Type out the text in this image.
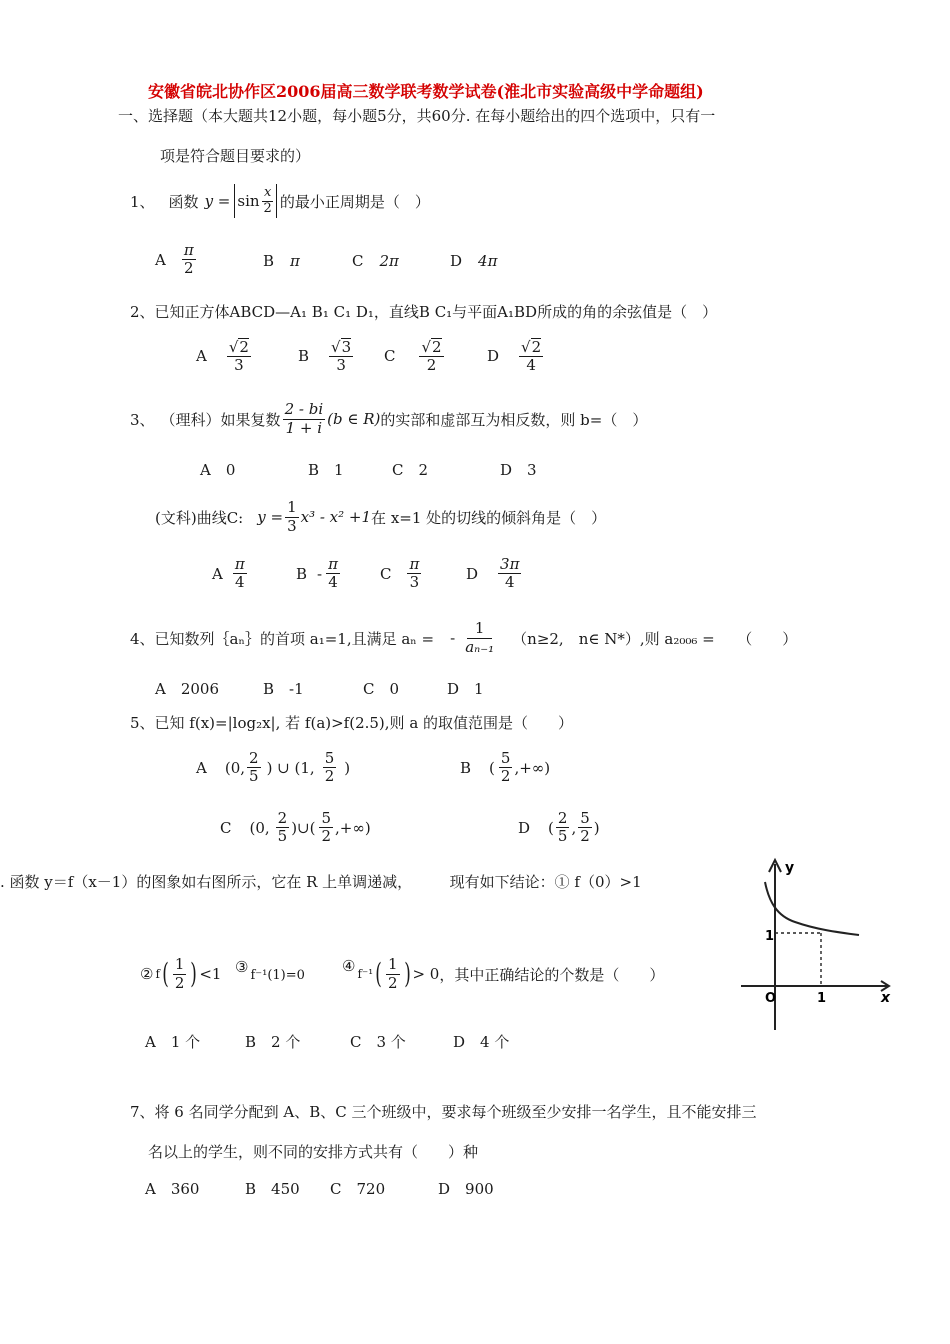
安徽省皖北协作区2006届高三数学联考数学试卷(淮北市实验高级中学命题组)
一、选择题（本大题共12小题，每小题5分，共60分. 在每小题给出的四个选项中，只有一
项是符合题目要求的）
1、 函数 $y = \sin \frac{x}{2}$ 的最小正周期是（　）
A $\frac{\pi}{2}$	B π	C 2π	D 4π
2、已知正方体ABCD—A₁ B₁ C₁ D₁，直线B C₁与平面A₁BD所成的角的余弦值是（　）
A $\frac{√2}{3}$	B $\frac{√3}{3}$ C $\frac{√2}{2}$	D $\frac{√2}{4}$
3、 （理科）如果复数 $\frac{2 - bi}{1 + i} (b$ ∈ R) 的实部和虚部互为相反数，则 b=（　）
A　0	B　1	C　2	D　3
(文科)曲线C: $y = \frac{1}{3} x^3 - x^2 +1$ 在 x=1 处的切线的倾斜角是（　）
A $\frac{\pi}{4}$	B - $\frac{\pi}{4}$	C $\frac{\pi}{3}$	D $\frac{3\pi}{4}$
4、已知数列｛aₙ｝的首项 a₁=1,且满足 aₙ = - $\frac{1}{\text{aₙ₋₁}} (n\ge 2$,　n∈ N*）,则 a₂₀₀₆ =　　（　　）
A　2006	B　-1	C　0	D　1
5、已知 f(x)=|log₂x|, 若 f(a)>f(2.5),则 a 的取值范围是（　　）
A (0, $\frac{2}{5}$ ) ∪ (1, $\frac{5}{2}$ )	B ( $\frac{5}{2}$ ,+∞)
C (0, $\frac{2}{5}$ )∪( $\frac{5}{2}$ ,+∞)	D ( $\frac{2}{5}$ , $\frac{5}{2}$ )
. 函数 y＝f（x－1）的图象如右图所示，它在 R 上单调递减，　　　现有如下结论：① f（0）>1
② f ( $\frac{1}{2}$ ) <1 ③ f⁻¹(1)=0 ④ f⁻¹ ( $\frac{1}{2}$ ) > 0 ，其中正确结论的个数是（　　）
A　1 个	B　2 个	C　3 个	D　4 个
y
x
O
1
1
7、将 6 名同学分配到 A、B、C 三个班级中，要求每个班级至少安排一名学生，且不能安排三
名以上的学生，则不同的安排方式共有（　　）种
A　360	B　450 C　720	D　900
